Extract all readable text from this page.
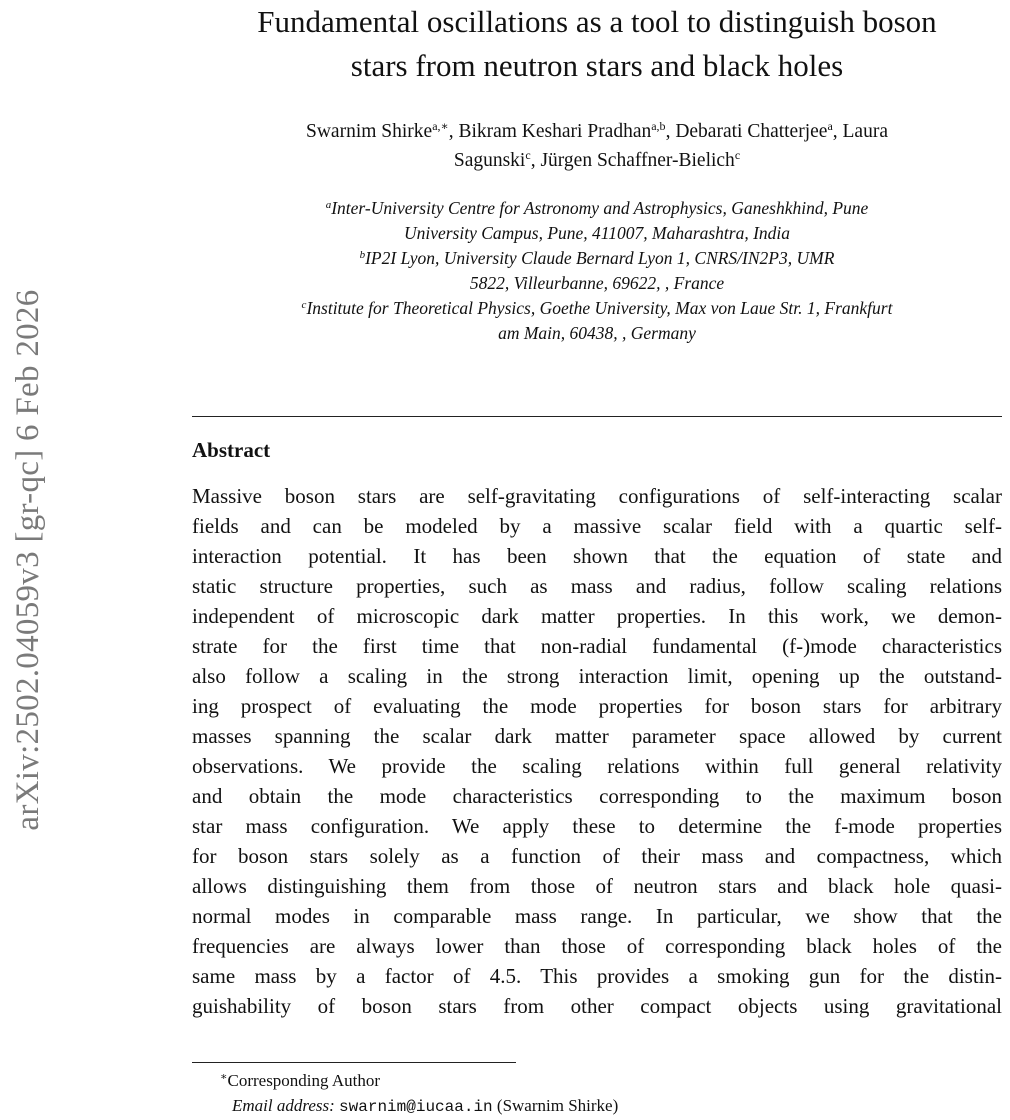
arXiv:2502.04059v3 [gr-qc] 6 Feb 2026
Fundamental oscillations as a tool to distinguish boson
stars from neutron stars and black holes
Swarnim Shirke$^{a,∗}$, Bikram Keshari Pradhan$^{a,b}$, Debarati Chatterjee$^a$, Laura
Sagunski$^c$, Jürgen Schaffner-Bielich$^c$
$^a$Inter-University Centre for Astronomy and Astrophysics, Ganeshkhind, Pune
University Campus, Pune, 411007, Maharashtra, India
$^b$IP2I Lyon, University Claude Bernard Lyon 1, CNRS/IN2P3, UMR
5822, Villeurbanne, 69622, , France
$^c$Institute for Theoretical Physics, Goethe University, Max von Laue Str. 1, Frankfurt
am Main, 60438, , Germany
Abstract
Massive boson stars are self-gravitating configurations of self-interacting scalar
fields and can be modeled by a massive scalar field with a quartic self-
interaction potential. It has been shown that the equation of state and
static structure properties, such as mass and radius, follow scaling relations
independent of microscopic dark matter properties. In this work, we demon-
strate for the first time that non-radial fundamental (f-)mode characteristics
also follow a scaling in the strong interaction limit, opening up the outstand-
ing prospect of evaluating the mode properties for boson stars for arbitrary
masses spanning the scalar dark matter parameter space allowed by current
observations. We provide the scaling relations within full general relativity
and obtain the mode characteristics corresponding to the maximum boson
star mass configuration. We apply these to determine the f-mode properties
for boson stars solely as a function of their mass and compactness, which
allows distinguishing them from those of neutron stars and black hole quasi-
normal modes in comparable mass range. In particular, we show that the
frequencies are always lower than those of corresponding black holes of the
same mass by a factor of 4.5. This provides a smoking gun for the distin-
guishability of boson stars from other compact objects using gravitational
∗Corresponding Author
Email address: swarnim@iucaa.in (Swarnim Shirke)
